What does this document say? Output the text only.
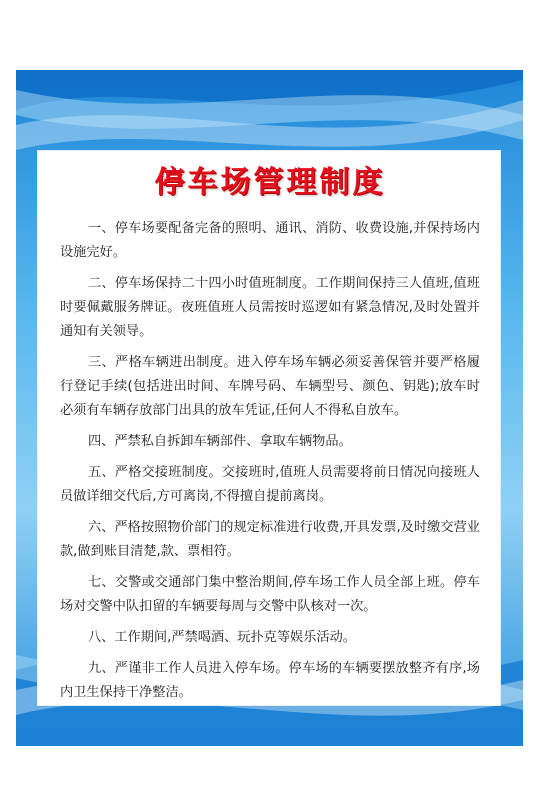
停车场管理制度

一、停车场要配备完备的照明、通讯、消防、收费设施,并保持场内设施完好。

二、停车场保持二十四小时值班制度。工作期间保持三人值班,值班时要佩戴服务牌证。夜班值班人员需按时巡逻如有紧急情况,及时处置并通知有关领导。

三、严格车辆进出制度。进入停车场车辆必须妥善保管并要严格履行登记手续(包括进出时间、车牌号码、车辆型号、颜色、钥匙);放车时必须有车辆存放部门出具的放车凭证,任何人不得私自放车。

四、严禁私自拆卸车辆部件、拿取车辆物品。

五、严格交接班制度。交接班时,值班人员需要将前日情况向接班人员做详细交代后,方可离岗,不得擅自提前离岗。

六、严格按照物价部门的规定标准进行收费,开具发票,及时缴交营业款,做到账目清楚,款、票相符。

七、交警或交通部门集中整治期间,停车场工作人员全部上班。停车场对交警中队扣留的车辆要每周与交警中队核对一次。

八、工作期间,严禁喝酒、玩扑克等娱乐活动。

九、严谨非工作人员进入停车场。停车场的车辆要摆放整齐有序,场内卫生保持干净整洁。
